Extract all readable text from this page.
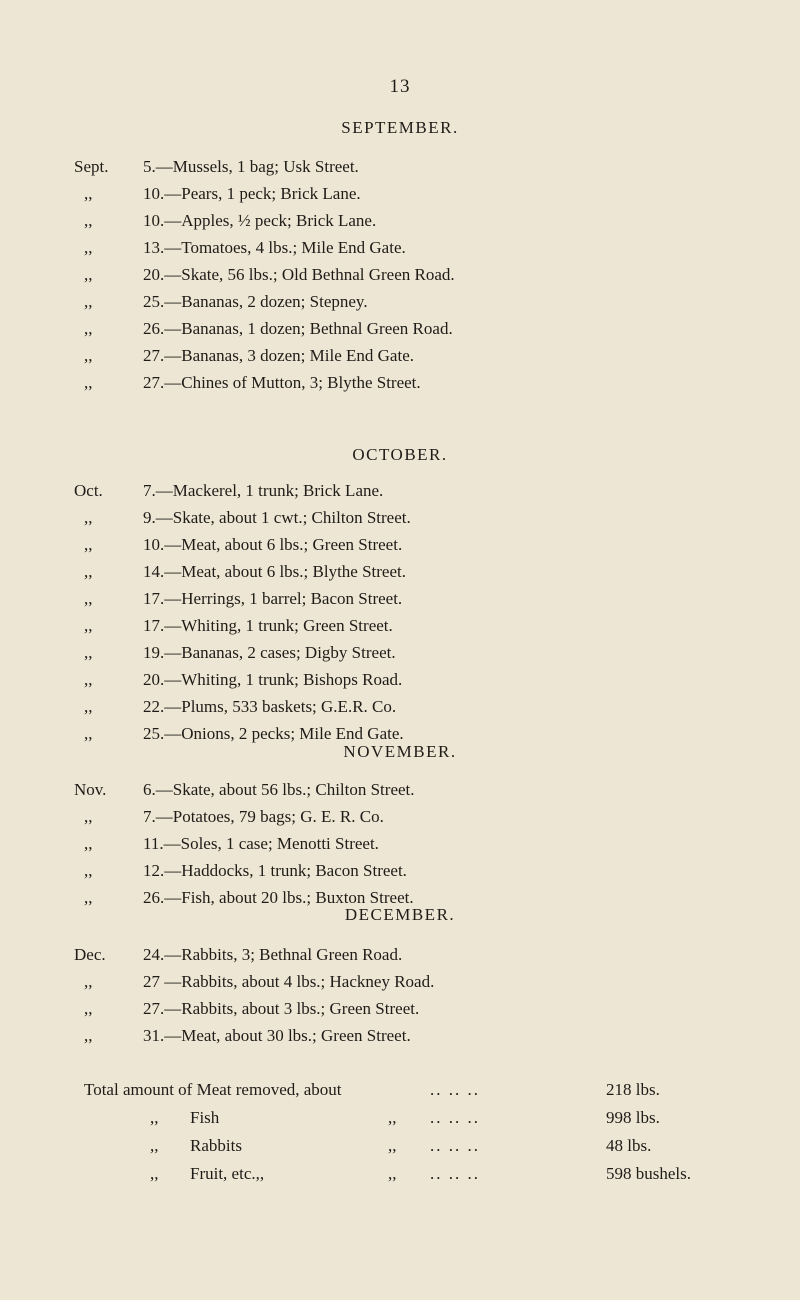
13
SEPTEMBER.
Sept.	5.—Mussels, 1 bag; Usk Street.
,,	10.—Pears, 1 peck; Brick Lane.
,,	10.—Apples, ½ peck; Brick Lane.
,,	13.—Tomatoes, 4 lbs.; Mile End Gate.
,,	20.—Skate, 56 lbs.; Old Bethnal Green Road.
,,	25.—Bananas, 2 dozen; Stepney.
,,	26.—Bananas, 1 dozen; Bethnal Green Road.
,,	27.—Bananas, 3 dozen; Mile End Gate.
,,	27.—Chines of Mutton, 3; Blythe Street.
OCTOBER.
Oct.	7.—Mackerel, 1 trunk; Brick Lane.
,,	9.—Skate, about 1 cwt.; Chilton Street.
,,	10.—Meat, about 6 lbs.; Green Street.
,,	14.—Meat, about 6 lbs.; Blythe Street.
,,	17.—Herrings, 1 barrel; Bacon Street.
,,	17.—Whiting, 1 trunk; Green Street.
,,	19.—Bananas, 2 cases; Digby Street.
,,	20.—Whiting, 1 trunk; Bishops Road.
,,	22.—Plums, 533 baskets; G.E.R. Co.
,,	25.—Onions, 2 pecks; Mile End Gate.
NOVEMBER.
Nov.	6.—Skate, about 56 lbs.; Chilton Street.
,,	7.—Potatoes, 79 bags; G. E. R. Co.
,,	11.—Soles, 1 case; Menotti Street.
,,	12.—Haddocks, 1 trunk; Bacon Street.
,,	26.—Fish, about 20 lbs.; Buxton Street.
DECEMBER.
Dec.	24.—Rabbits, 3; Bethnal Green Road.
,,	27 —Rabbits, about 4 lbs.; Hackney Road.
,,	27.—Rabbits, about 3 lbs.; Green Street.
,,	31.—Meat, about 30 lbs.; Green Street.
Total amount of Meat removed, about	.. .. ..	218 lbs.
,, Fish	,, .. .. ..	998 lbs.
,, Rabbits	,, .. .. ..	48 lbs.
,, Fruit, etc.,,	,, .. .. ..	598 bushels.
